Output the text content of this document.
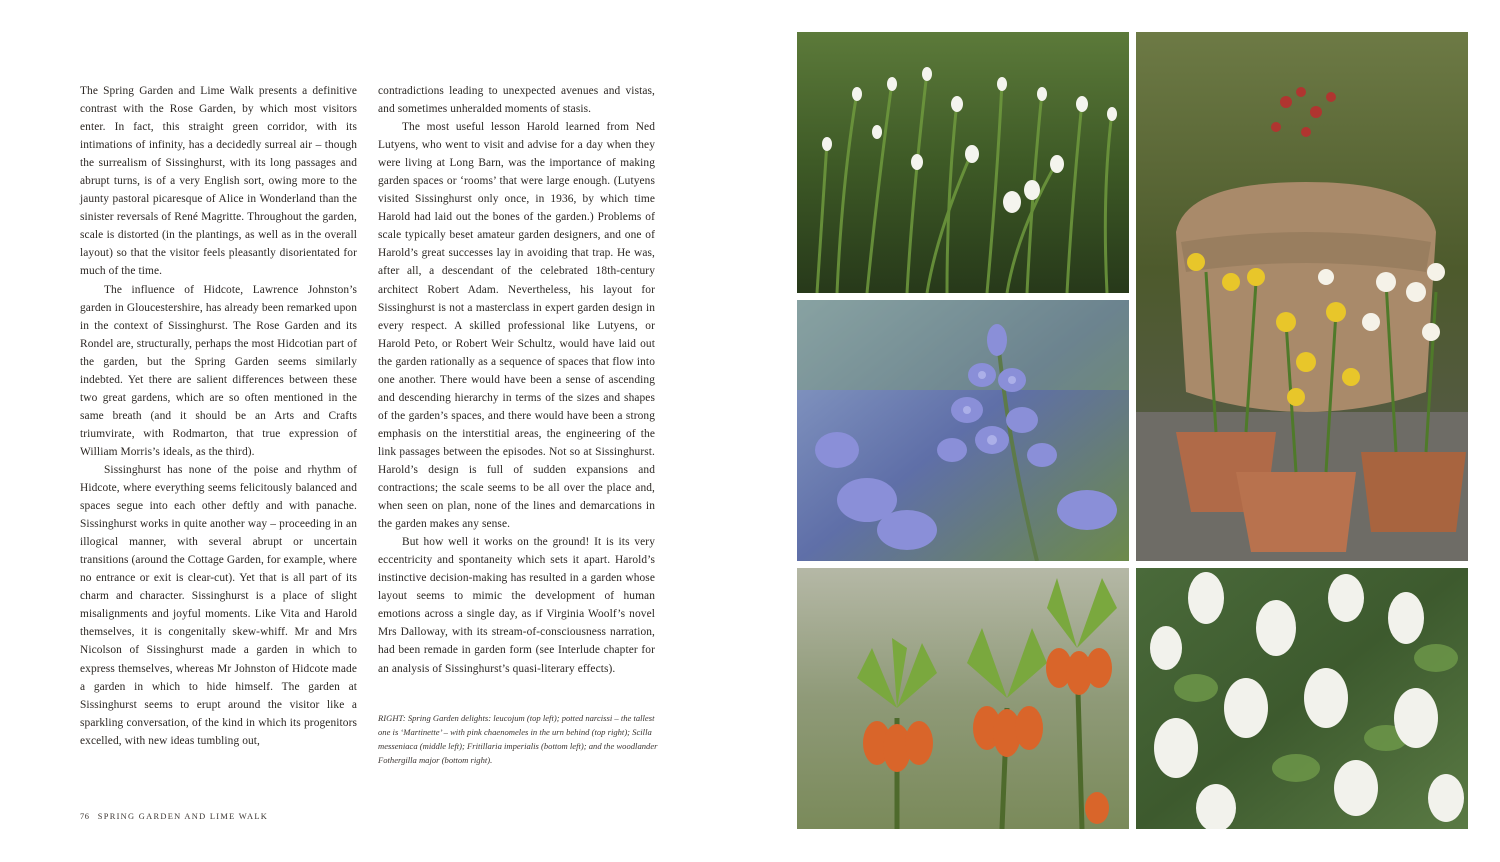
The Spring Garden and Lime Walk presents a definitive contrast with the Rose Garden, by which most visitors enter. In fact, this straight green corridor, with its intimations of infinity, has a decidedly surreal air – though the surrealism of Sissinghurst, with its long passages and abrupt turns, is of a very English sort, owing more to the jaunty pastoral picaresque of Alice in Wonderland than the sinister reversals of René Magritte. Throughout the garden, scale is distorted (in the plantings, as well as in the overall layout) so that the visitor feels pleasantly disorientated for much of the time.

The influence of Hidcote, Lawrence Johnston’s garden in Gloucestershire, has already been remarked upon in the context of Sissinghurst. The Rose Garden and its Rondel are, structurally, perhaps the most Hidcotian part of the garden, but the Spring Garden seems similarly indebted. Yet there are salient differences between these two great gardens, which are so often mentioned in the same breath (and it should be an Arts and Crafts triumvirate, with Rodmarton, that true expression of William Morris’s ideals, as the third).

Sissinghurst has none of the poise and rhythm of Hidcote, where everything seems felicitously balanced and spaces segue into each other deftly and with panache. Sissinghurst works in quite another way – proceeding in an illogical manner, with several abrupt or uncertain transitions (around the Cottage Garden, for example, where no entrance or exit is clear-cut). Yet that is all part of its charm and character. Sissinghurst is a place of slight misalignments and joyful moments. Like Vita and Harold themselves, it is congenitally skew-whiff. Mr and Mrs Nicolson of Sissinghurst made a garden in which to express themselves, whereas Mr Johnston of Hidcote made a garden in which to hide himself. The garden at Sissinghurst seems to erupt around the visitor like a sparkling conversation, of the kind in which its progenitors excelled, with new ideas tumbling out,

contradictions leading to unexpected avenues and vistas, and sometimes unheralded moments of stasis.

The most useful lesson Harold learned from Ned Lutyens, who went to visit and advise for a day when they were living at Long Barn, was the importance of making garden spaces or ‘rooms’ that were large enough. (Lutyens visited Sissinghurst only once, in 1936, by which time Harold had laid out the bones of the garden.) Problems of scale typically beset amateur garden designers, and one of Harold’s great successes lay in avoiding that trap. He was, after all, a descendant of the celebrated 18th-century architect Robert Adam. Nevertheless, his layout for Sissinghurst is not a masterclass in expert garden design in every respect. A skilled professional like Lutyens, or Harold Peto, or Robert Weir Schultz, would have laid out the garden rationally as a sequence of spaces that flow into one another. There would have been a sense of ascending and descending hierarchy in terms of the sizes and shapes of the garden’s spaces, and there would have been a strong emphasis on the interstitial areas, the engineering of the link passages between the episodes. Not so at Sissinghurst. Harold’s design is full of sudden expansions and contractions; the scale seems to be all over the place and, when seen on plan, none of the lines and demarcations in the garden makes any sense.

But how well it works on the ground! It is its very eccentricity and spontaneity which sets it apart. Harold’s instinctive decision-making has resulted in a garden whose layout seems to mimic the development of human emotions across a single day, as if Virginia Woolf’s novel Mrs Dalloway, with its stream-of-consciousness narration, had been remade in garden form (see Interlude chapter for an analysis of Sissinghurst’s quasi-literary effects).

RIGHT: Spring Garden delights: leucojum (top left); potted narcissi – the tallest one is ‘Martinette’ – with pink chaenomeles in the urn behind (top right); Scilla messeniaca (middle left); Fritillaria imperialis (bottom left); and the woodlander Fothergilla major (bottom right).
76 SPRING GARDEN AND LIME WALK
